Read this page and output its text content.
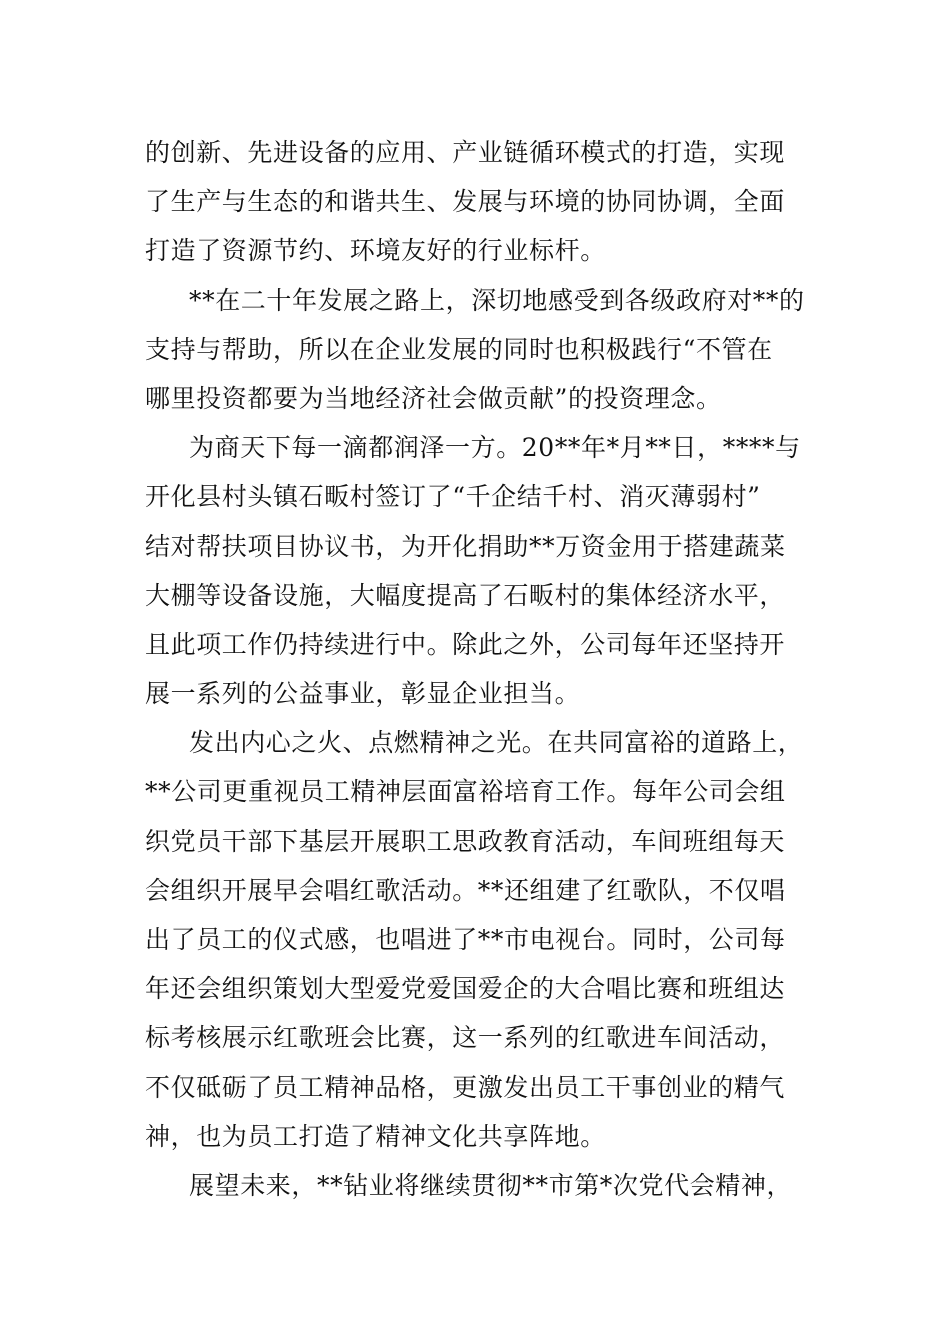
的创新、先进设备的应用、产业链循环模式的打造，实现
了生产与生态的和谐共生、发展与环境的协同协调，全面
打造了资源节约、环境友好的行业标杆。
**在二十年发展之路上，深切地感受到各级政府对**的
支持与帮助，所以在企业发展的同时也积极践行“不管在
哪里投资都要为当地经济社会做贡献”的投资理念。
为商天下每一滴都润泽一方。20**年*月**日，****与
开化县村头镇石畈村签订了“千企结千村、消灭薄弱村”
结对帮扶项目协议书，为开化捐助**万资金用于搭建蔬菜
大棚等设备设施，大幅度提高了石畈村的集体经济水平，
且此项工作仍持续进行中。除此之外，公司每年还坚持开
展一系列的公益事业，彰显企业担当。
发出内心之火、点燃精神之光。在共同富裕的道路上，
**公司更重视员工精神层面富裕培育工作。每年公司会组
织党员干部下基层开展职工思政教育活动，车间班组每天
会组织开展早会唱红歌活动。**还组建了红歌队，不仅唱
出了员工的仪式感，也唱进了**市电视台。同时，公司每
年还会组织策划大型爱党爱国爱企的大合唱比赛和班组达
标考核展示红歌班会比赛，这一系列的红歌进车间活动，
不仅砥砺了员工精神品格，更激发出员工干事创业的精气
神，也为员工打造了精神文化共享阵地。
展望未来，**钻业将继续贯彻**市第*次党代会精神，
